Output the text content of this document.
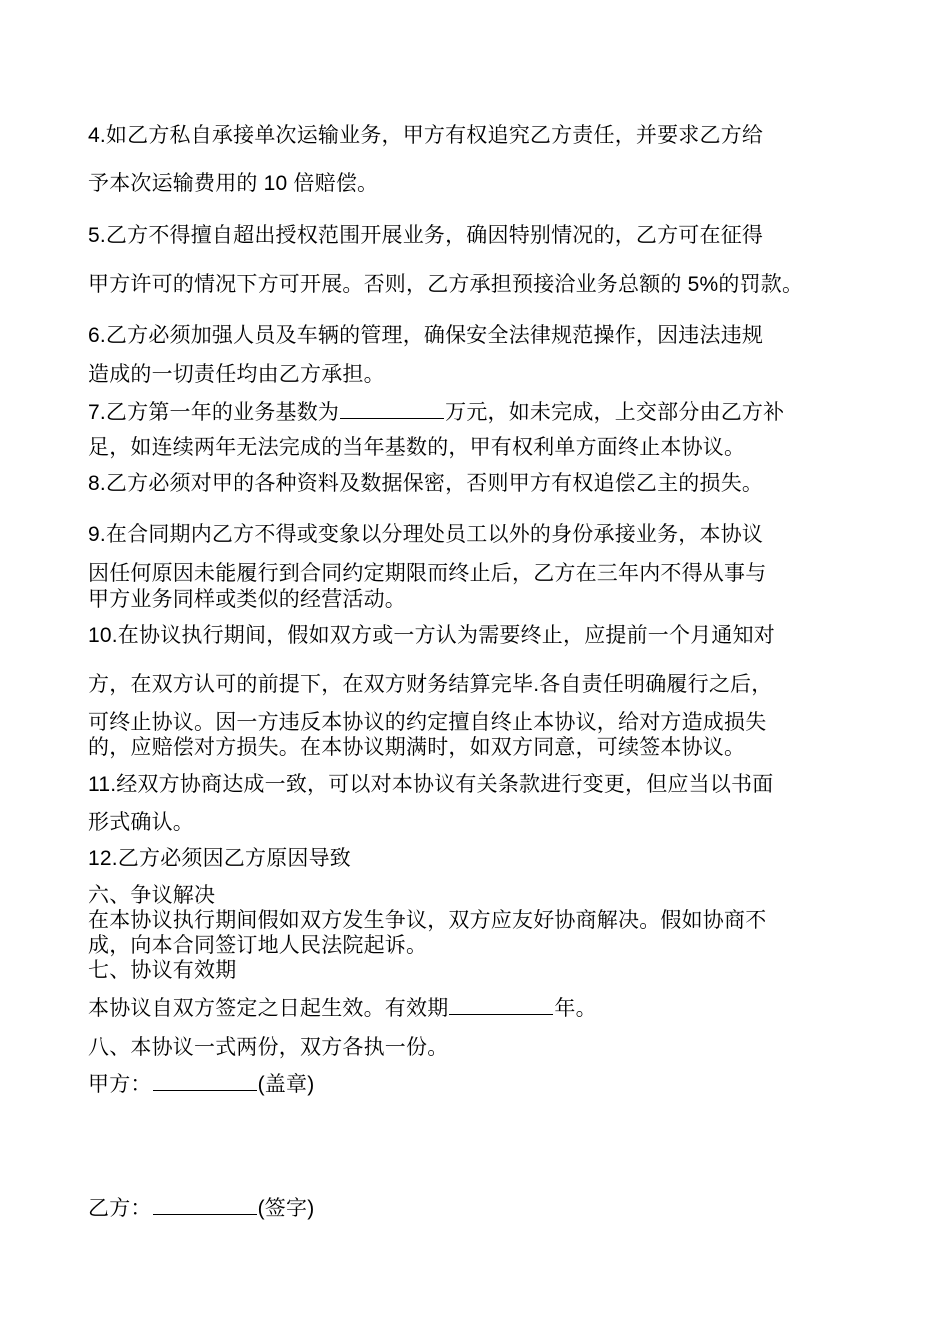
4.如乙方私自承接单次运输业务，甲方有权追究乙方责任，并要求乙方给
予本次运输费用的 10 倍赔偿。
5.乙方不得擅自超出授权范围开展业务，确因特别情况的，乙方可在征得
甲方许可的情况下方可开展。否则，乙方承担预接洽业务总额的 5%的罚款。
6.乙方必须加强人员及车辆的管理，确保安全法律规范操作，因违法违规
造成的一切责任均由乙方承担。
7.乙方第一年的业务基数为	万元，如未完成，上交部分由乙方补
足，如连续两年无法完成的当年基数的，甲有权利单方面终止本协议。
8.乙方必须对甲的各种资料及数据保密，否则甲方有权追偿乙主的损失。
9.在合同期内乙方不得或变象以分理处员工以外的身份承接业务，本协议
因任何原因未能履行到合同约定期限而终止后，乙方在三年内不得从事与
甲方业务同样或类似的经营活动。
10.在协议执行期间，假如双方或一方认为需要终止，应提前一个月通知对
方，在双方认可的前提下，在双方财务结算完毕.各自责任明确履行之后，
可终止协议。因一方违反本协议的约定擅自终止本协议，给对方造成损失
的，应赔偿对方损失。在本协议期满时，如双方同意，可续签本协议。
11.经双方协商达成一致，可以对本协议有关条款进行变更，但应当以书面
形式确认。
12.乙方必须因乙方原因导致
六、争议解决
在本协议执行期间假如双方发生争议，双方应友好协商解决。假如协商不
成，向本合同签订地人民法院起诉。
七、协议有效期
本协议自双方签定之日起生效。有效期	年。
八、本协议一式两份，双方各执一份。
甲方：	(盖章)
乙方：	(签字)
